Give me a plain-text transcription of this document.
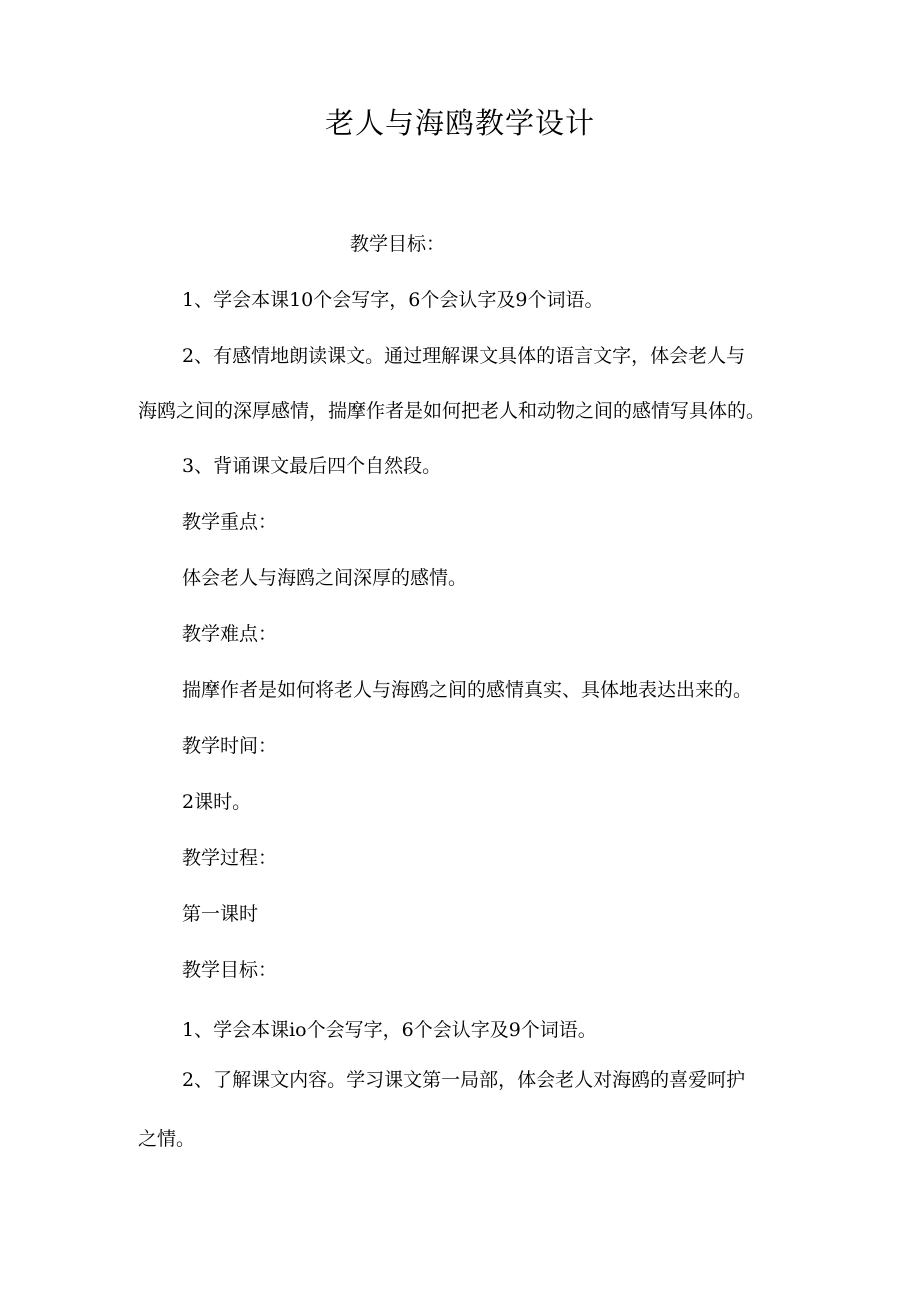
老人与海鸥教学设计
教学目标：
1、学会本课10个会写字，6个会认字及9个词语。
2、有感情地朗读课文。通过理解课文具体的语言文字，体会老人与
海鸥之间的深厚感情，揣摩作者是如何把老人和动物之间的感情写具体的。
3、背诵课文最后四个自然段。
教学重点：
体会老人与海鸥之间深厚的感情。
教学难点：
揣摩作者是如何将老人与海鸥之间的感情真实、具体地表达出来的。
教学时间：
2课时。
教学过程：
第一课时
教学目标：
1、学会本课io个会写字，6个会认字及9个词语。
2、了解课文内容。学习课文第一局部，体会老人对海鸥的喜爱呵护
之情。
